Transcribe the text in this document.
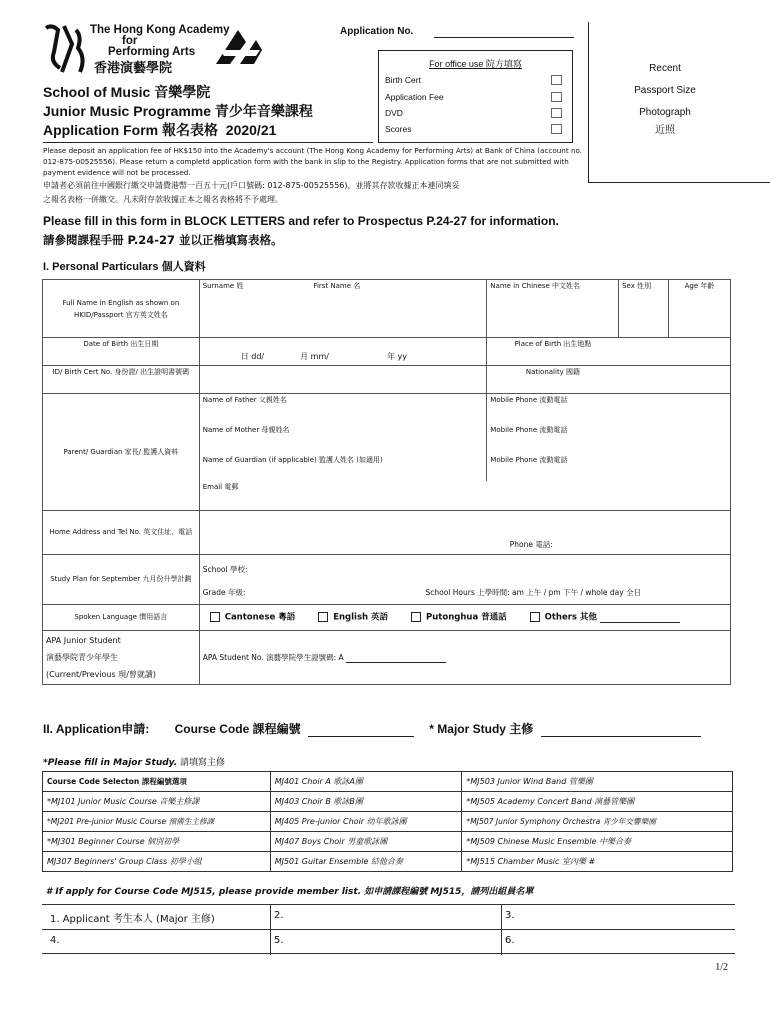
The Hong Kong Academy
for
Performing Arts
香港演藝學院
Application No.
School of Music 音樂學院
Junior Music Programme 青少年音樂課程
Application Form 報名表格 2020/21
For office use 院方填寫
Birth Cert
Application Fee
DVD
Scores
Recent
Passport Size
Photograph
近照
Please deposit an application fee of HK$150 into the Academy's account (The Hong Kong Academy for Performing Arts) at Bank of China (account no. 012-875-00525556). Please return a completd application form with the bank in slip to the Registry. Application forms that are not submitted with payment evidence will not be processed.
申請者必須前往中國銀行繳交申請費港幣一百五十元(戶口號碼: 012-875-00525556)，並將其存款收據正本連同填妥
之報名表格一併繳交。凡未附存款收據正本之報名表格將不予處理。
Please fill in this form in BLOCK LETTERS and refer to Prospectus P.24-27 for information.
請參閱課程手冊 P.24-27 並以正楷填寫表格。
I. Personal Particulars 個人資料
Full Name in English as shown on HKID/Passport 官方英文姓名	Surname 姓 First Name 名	Name in Chinese 中文姓名	Sex 性別	Age 年齡
Date of Birth 出生日期	日 dd/ 月 mm/ 年 yy	Place of Birth 出生地點		
ID/ Birth Cert No. 身份證/ 出生證明書號碼		Nationality 國籍		
Parent/ Guardian 家長/ 監護人資料	Name of Father 父親姓名	Mobile Phone 流動電話		
	Name of Mother 母親姓名	Mobile Phone 流動電話		
	Name of Guardian (if applicable) 監護人姓名 (如適用)	Mobile Phone 流動電話		
	Email 電郵			
Home Address and Tel No. 英文住址、電話	Phone 電話:			
Study Plan for September 九月份升學計劃	School 學校:
Grade 年級: School Hours 上學時間: am 上午 / pm 下午 / whole day 全日			

Spoken Language 慣用語言	Cantonese 粵語 English 英語 Putonghua 普通話 Others 其他			

APA Junior Student
演藝學院青少年學生
(Current/Previous 現/曾就讀)	APA Student No. 演藝學院學生證號碼: A			
II. Application申請: Course Code 課程編號	* Major Study 主修
*Please fill in Major Study. 請填寫主修
Course Code Selecton 課程編號選項	MJ401 Choir A 歌詠A團	*MJ503 Junior Wind Band 管樂團
*MJ101 Junior Music Course 音樂主修課	MJ403 Choir B 歌詠B團	*MJ505 Academy Concert Band 演藝管樂團
*MJ201 Pre-junior Music Course 預備生主修課	MJ405 Pre-junior Choir 幼年歌詠團	*MJ507 Junior Symphony Orchestra 青少年交響樂團
*MJ301 Beginner Course 個別初學	MJ407 Boys Choir 男童歌詠團	*MJ509 Chinese Music Ensemble 中樂合奏
MJ307 Beginners' Group Class 初學小組	MJ501 Guitar Ensemble 結他合奏	*MJ515 Chamber Music 室內樂 #
# If apply for Course Code MJ515, please provide member list. 如申請課程編號 MJ515，請列出組員名單
1. Applicant 考生本人 (Major 主修)	2.	3.
4.	5.	6.
1/2
